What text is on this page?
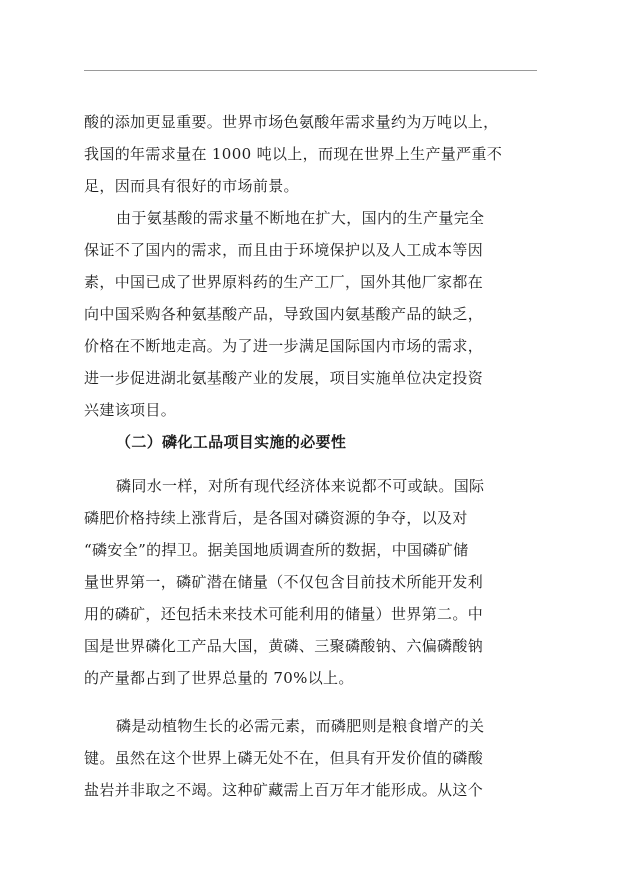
酸的添加更显重要。世界市场色氨酸年需求量约为万吨以上，
我国的年需求量在 1000 吨以上，而现在世界上生产量严重不
足，因而具有很好的市场前景。
由于氨基酸的需求量不断地在扩大，国内的生产量完全
保证不了国内的需求，而且由于环境保护以及人工成本等因
素，中国已成了世界原料药的生产工厂，国外其他厂家都在
向中国采购各种氨基酸产品，导致国内氨基酸产品的缺乏，
价格在不断地走高。为了进一步满足国际国内市场的需求，
进一步促进湖北氨基酸产业的发展，项目实施单位决定投资
兴建该项目。
（二）磷化工品项目实施的必要性
磷同水一样，对所有现代经济体来说都不可或缺。国际
磷肥价格持续上涨背后，是各国对磷资源的争夺，以及对
“磷安全”的捍卫。据美国地质调查所的数据，中国磷矿储
量世界第一，磷矿潜在储量（不仅包含目前技术所能开发利
用的磷矿，还包括未来技术可能利用的储量）世界第二。中
国是世界磷化工产品大国，黄磷、三聚磷酸钠、六偏磷酸钠
的产量都占到了世界总量的 70%以上。
磷是动植物生长的必需元素，而磷肥则是粮食增产的关
键。虽然在这个世界上磷无处不在，但具有开发价值的磷酸
盐岩并非取之不竭。这种矿藏需上百万年才能形成。从这个
